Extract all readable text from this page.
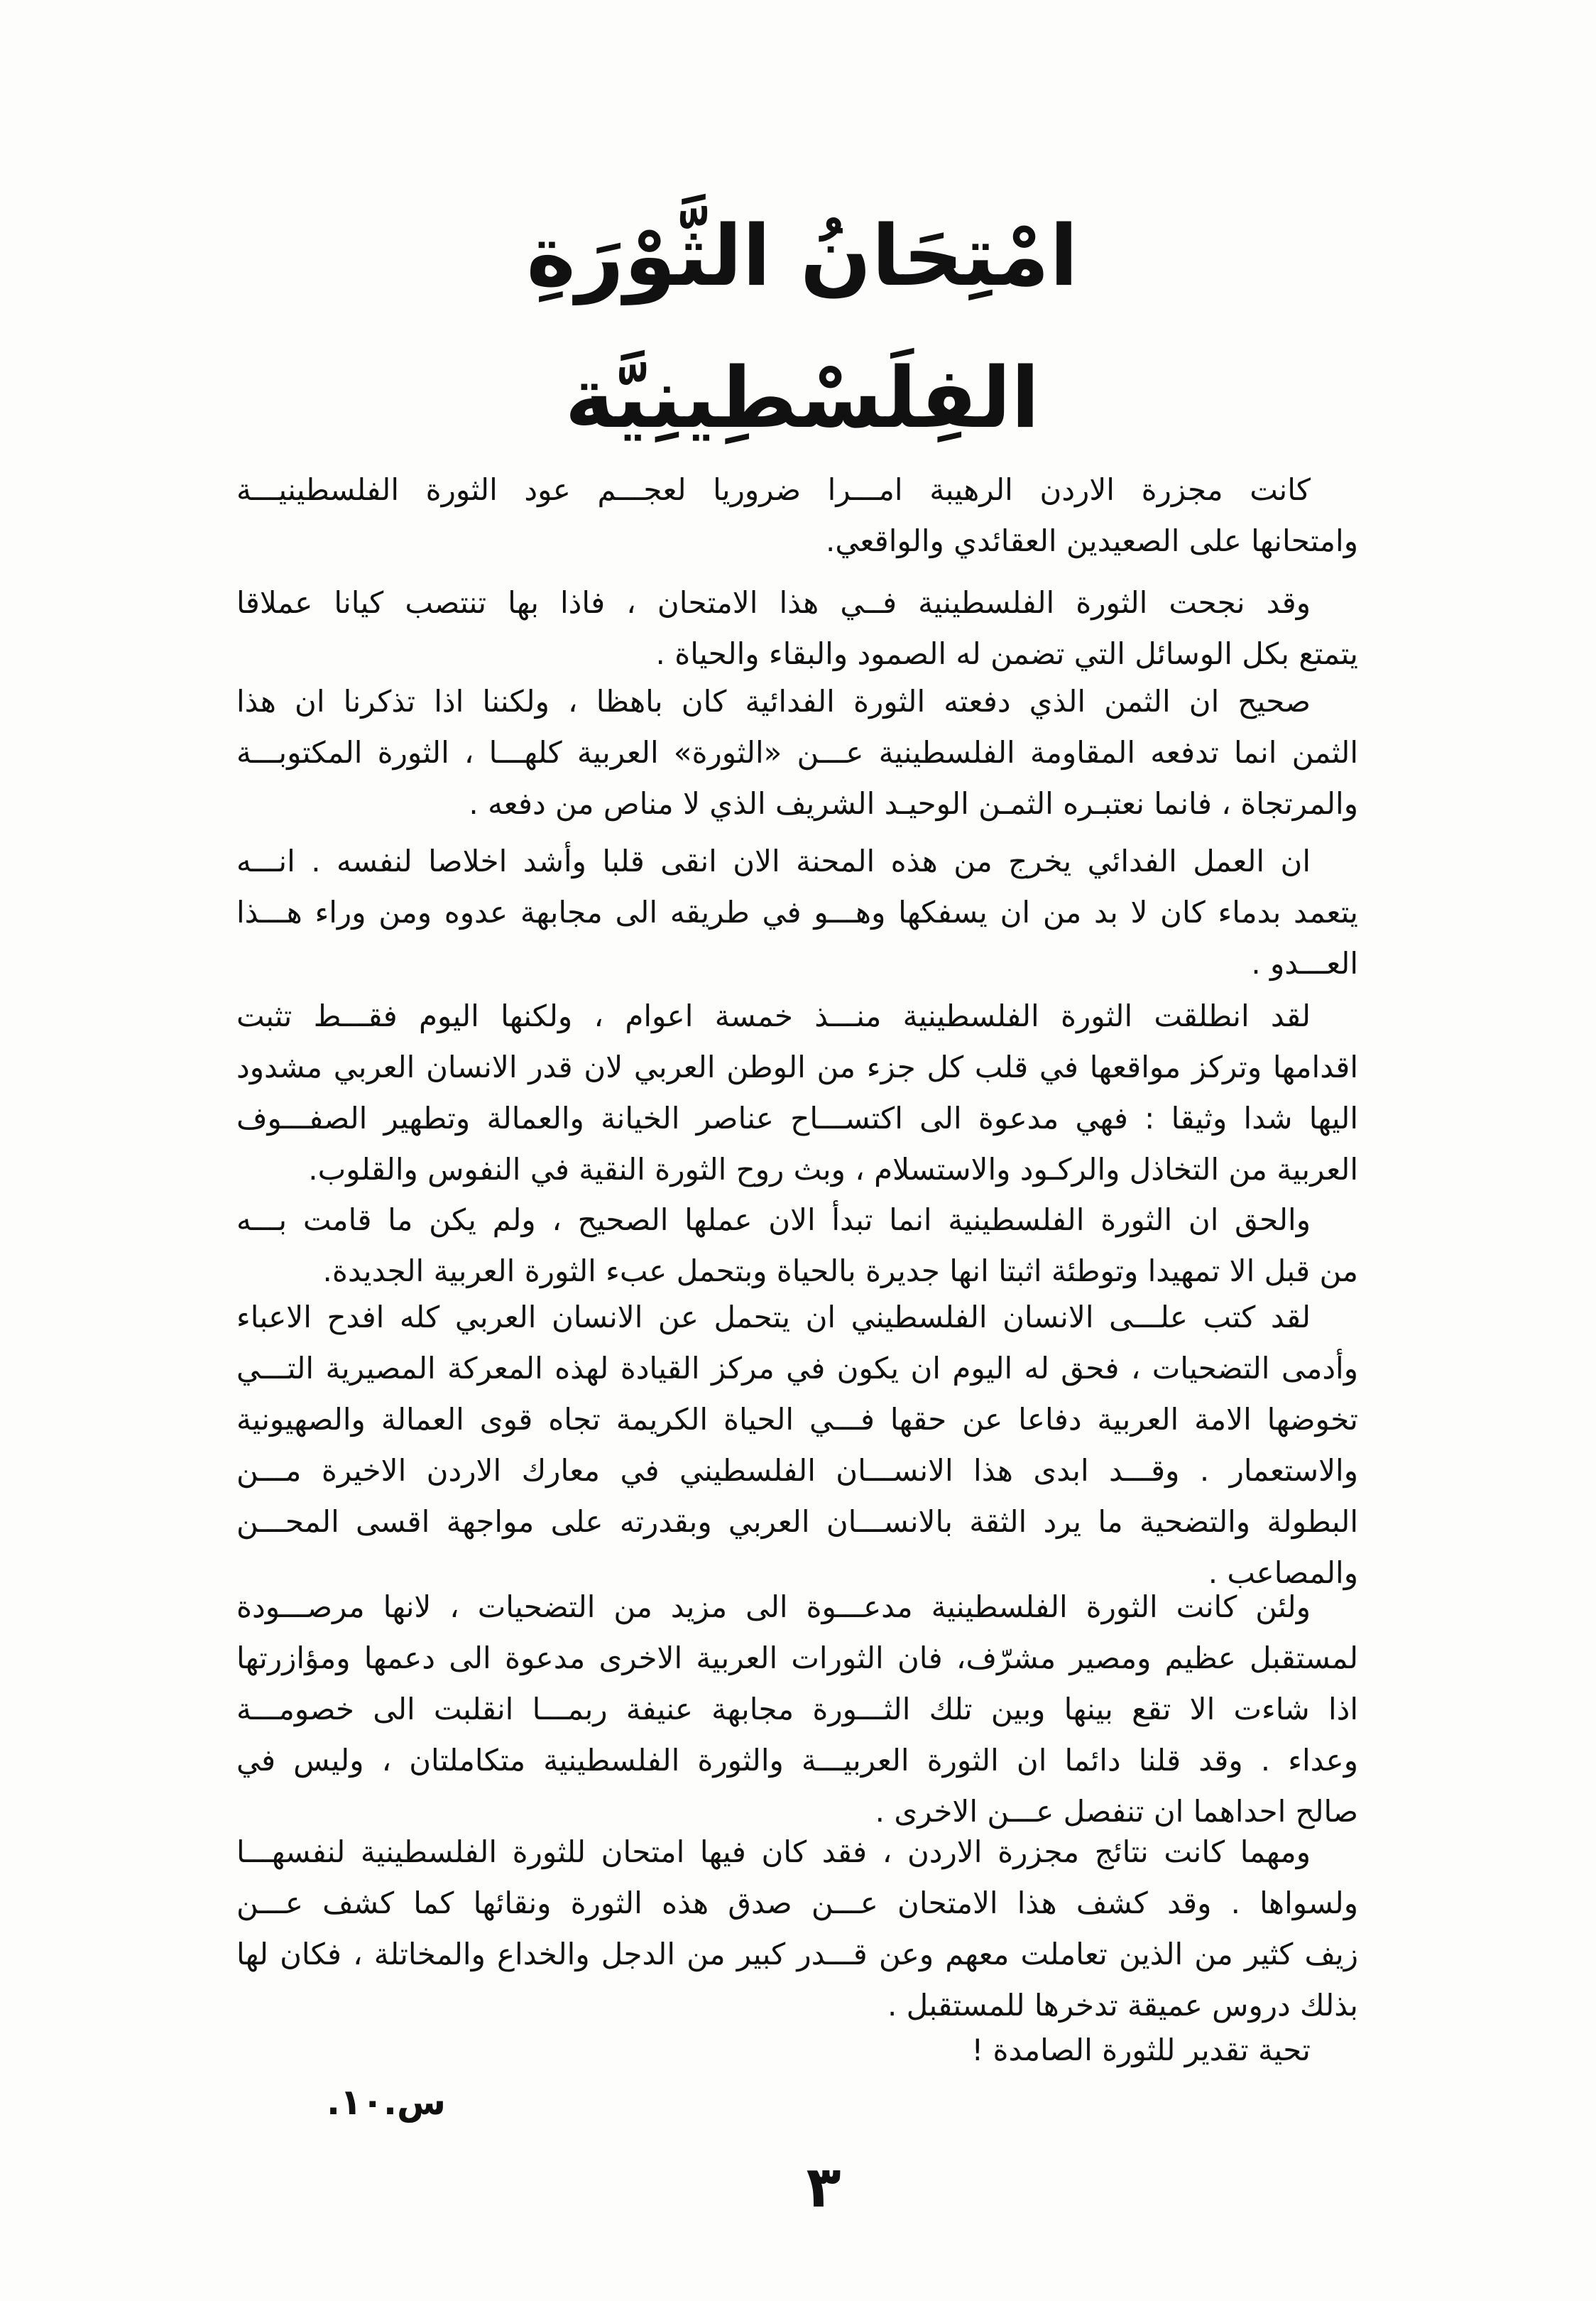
امْتِحَانُ الثَّوْرَةِ الفِلَسْطِينِيَّة
كانت مجزرة الاردن الرهيبة امـــرا ضروريا لعجـــم عود الثورة الفلسطينيـــة
وامتحانها على الصعيدين العقائدي والواقعي.
وقد نجحت الثورة الفلسطينية فــي هذا الامتحان ، فاذا بها تنتصب كيانا عملاقا
يتمتع بكل الوسائل التي تضمن له الصمود والبقاء والحياة .
صحيح ان الثمن الذي دفعته الثورة الفدائية كان باهظا ، ولكننا اذا تذكرنا ان هذا
الثمن انما تدفعه المقاومة الفلسطينية عـــن «الثورة» العربية كلهـــا ، الثورة المكتوبـــة
والمرتجاة ، فانما نعتبـره الثمـن الوحيـد الشريف الذي لا مناص من دفعه .
ان العمل الفدائي يخرج من هذه المحنة الان انقى قلبا وأشد اخلاصا لنفسه . انـــه
يتعمد بدماء كان لا بد من ان يسفكها وهـــو في طريقه الى مجابهة عدوه ومن وراء هـــذا
العـــدو .
لقد انطلقت الثورة الفلسطينية منـــذ خمسة اعوام ، ولكنها اليوم فقـــط تثبت
اقدامها وتركز مواقعها في قلب كل جزء من الوطن العربي لان قدر الانسان العربي مشدود
اليها شدا وثيقا : فهي مدعوة الى اكتســـاح عناصر الخيانة والعمالة وتطهير الصفـــوف
العربية من التخاذل والركـود والاستسلام ، وبث روح الثورة النقية في النفوس والقلوب.
والحق ان الثورة الفلسطينية انما تبدأ الان عملها الصحيح ، ولم يكن ما قامت بـــه
من قبل الا تمهيدا وتوطئة اثبتا انها جديرة بالحياة وبتحمل عبء الثورة العربية الجديدة.
لقد كتب علـــى الانسان الفلسطيني ان يتحمل عن الانسان العربي كله افدح الاعباء
وأدمى التضحيات ، فحق له اليوم ان يكون في مركز القيادة لهذه المعركة المصيرية التـــي
تخوضها الامة العربية دفاعا عن حقها فـــي الحياة الكريمة تجاه قوى العمالة والصهيونية
والاستعمار . وقـــد ابدى هذا الانســـان الفلسطيني في معارك الاردن الاخيرة مـــن
البطولة والتضحية ما يرد الثقة بالانســـان العربي وبقدرته على مواجهة اقسى المحـــن
والمصاعب .
ولئن كانت الثورة الفلسطينية مدعـــوة الى مزيد من التضحيات ، لانها مرصـــودة
لمستقبل عظيم ومصير مشرّف، فان الثورات العربية الاخرى مدعوة الى دعمها ومؤازرتها
اذا شاءت الا تقع بينها وبين تلك الثـــورة مجابهة عنيفة ربمـــا انقلبت الى خصومـــة
وعداء . وقد قلنا دائما ان الثورة العربيـــة والثورة الفلسطينية متكاملتان ، وليس في
صالح احداهما ان تنفصل عـــن الاخرى .
ومهما كانت نتائج مجزرة الاردن ، فقد كان فيها امتحان للثورة الفلسطينية لنفسهـــا
ولسواها . وقد كشف هذا الامتحان عـــن صدق هذه الثورة ونقائها كما كشف عـــن
زيف كثير من الذين تعاملت معهم وعن قـــدر كبير من الدجل والخداع والمخاتلة ، فكان لها
بذلك دروس عميقة تدخرها للمستقبل .
تحية تقدير للثورة الصامدة !
س.١٠.
٣
